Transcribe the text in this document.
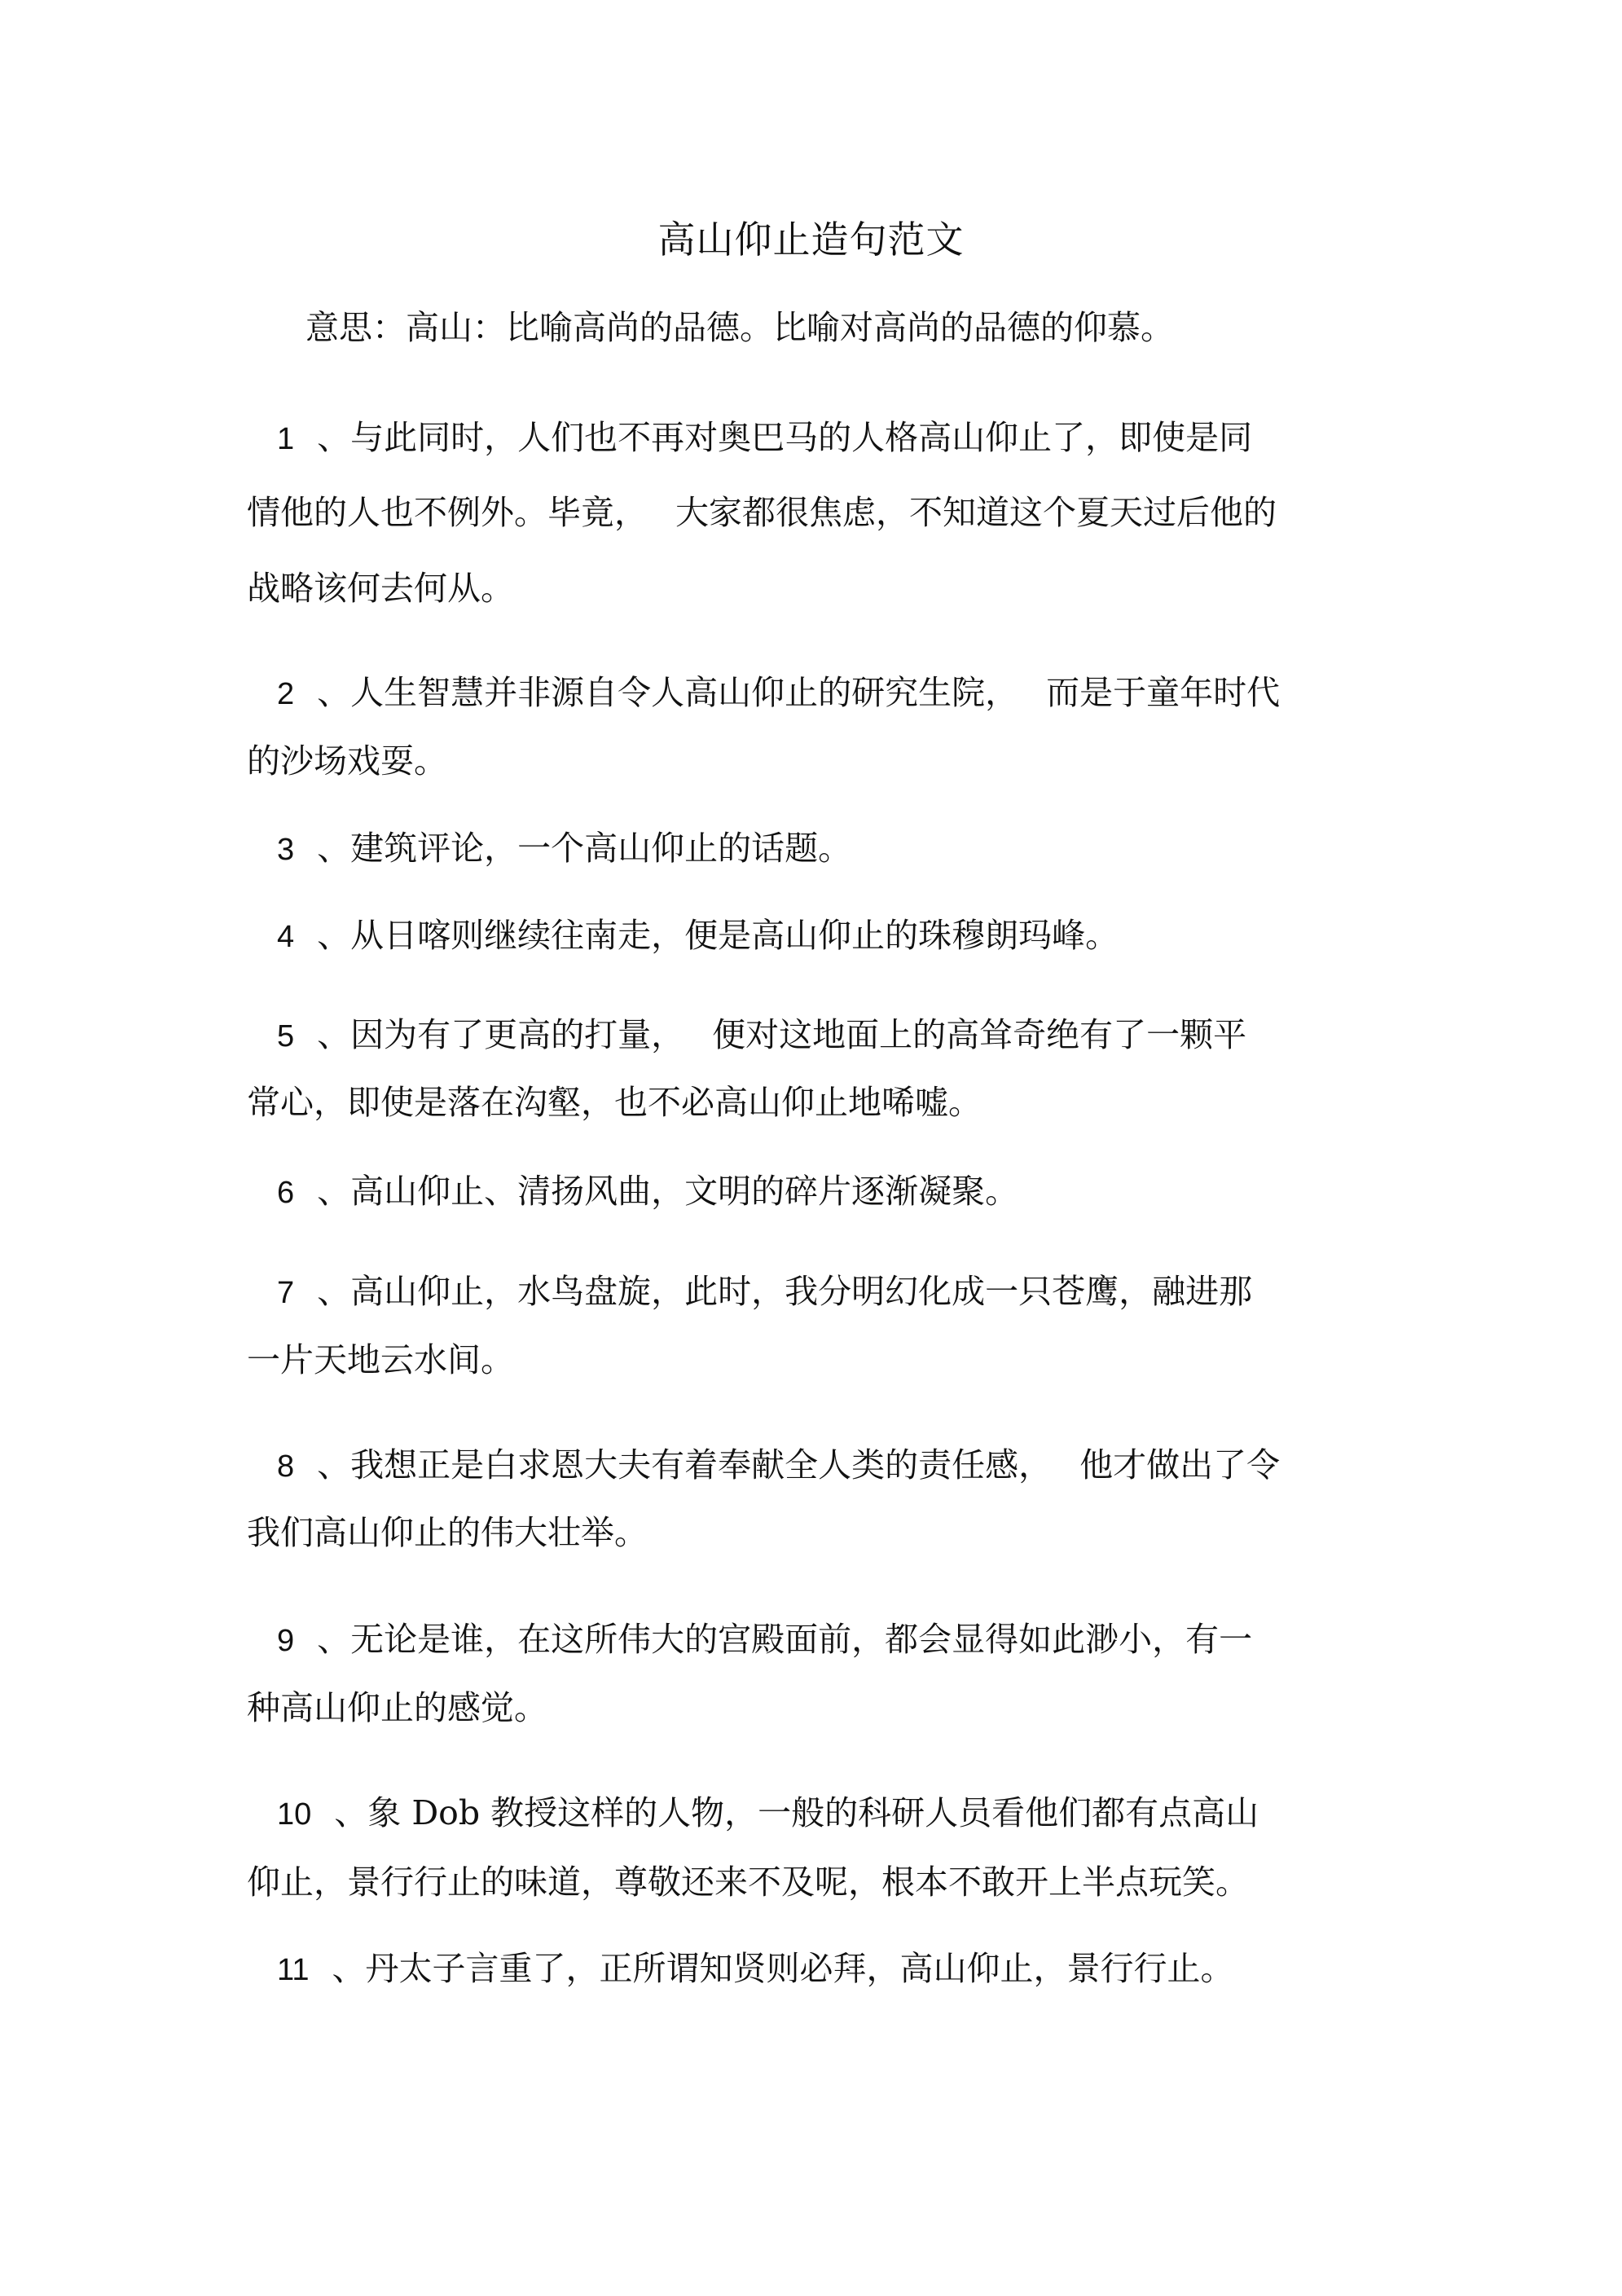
高山仰止造句范文
意思：高山：比喻高尚的品德。比喻对高尚的品德的仰慕。
1 、与此同时，人们也不再对奥巴马的人格高山仰止了，即使是同
情他的人也不例外。毕竟， 大家都很焦虑，不知道这个夏天过后他的
战略该何去何从。
2 、人生智慧并非源自令人高山仰止的研究生院， 而是于童年时代
的沙场戏耍。
3 、建筑评论，一个高山仰止的话题。
4 、从日喀则继续往南走，便是高山仰止的珠穆朗玛峰。
5 、因为有了更高的打量， 便对这地面上的高耸奇绝有了一颗平
常心，即使是落在沟壑，也不必高山仰止地唏嘘。
6 、高山仰止、清扬风曲，文明的碎片逐渐凝聚。
7 、高山仰止，水鸟盘旋，此时，我分明幻化成一只苍鹰，融进那
一片天地云水间。
8 、我想正是白求恩大夫有着奉献全人类的责任感， 他才做出了令
我们高山仰止的伟大壮举。
9 、无论是谁，在这所伟大的宫殿面前，都会显得如此渺小，有一
种高山仰止的感觉。
10 、象 Dob 教授这样的人物，一般的科研人员看他们都有点高山
仰止，景行行止的味道，尊敬还来不及呢，根本不敢开上半点玩笑。
11 、丹太子言重了，正所谓知贤则必拜，高山仰止，景行行止。
